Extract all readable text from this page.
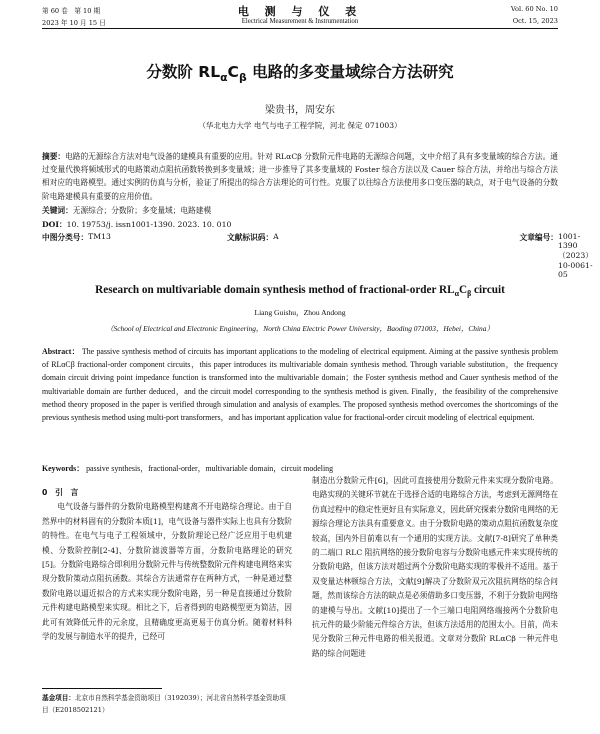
第 60 卷　第 10 期
2023 年 10 月 15 日
电 测 与 仪 表
Electrical Measurement & Instrumentation
Vol. 60 No. 10
Oct. 15, 2023
分数阶 $RL_\alpha C_\beta$ 电路的多变量域综合方法研究
梁贵书，周安东
（华北电力大学 电气与电子工程学院，河北 保定 071003）
摘要：电路的无源综合方法对电气设备的建模具有重要的应用。针对 RLαCβ 分数阶元件电路的无源综合问题，文中介绍了具有多变量域的综合方法。通过变量代换将频域形式的电路策动点阻抗函数转换到多变量域；进一步推导了其多变量域的 Foster 综合方法以及 Cauer 综合方法，并给出与综合方法相对应的电路模型。通过实例的仿真与分析，验证了所提出的综合方法理论的可行性。克服了以往综合方法使用多口变压器的缺点，对于电气设备的分数阶电路建模具有重要的应用价值。
关键词：无源综合；分数阶；多变量域；电路建模
DOI：10. 19753/j. issn1001-1390. 2023. 10. 010
中图分类号： TM13	文献标识码： A	文章编号： 1001-1390（2023）10-0061-05
Research on multivariable domain synthesis method of fractional-order $RL_\alpha C_\beta$ circuit
Liang Guishu，Zhou Andong
（School of Electrical and Electronic Engineering，North China Electric Power University，Baoding 071003，Hebei，China）
Abstract： The passive synthesis method of circuits has important applications to the modeling of electrical equipment. Aiming at the passive synthesis problem of RLαCβ fractional-order component circuits，this paper introduces its multivariable domain synthesis method. Through variable substitution，the frequency domain circuit driving point impedance function is transformed into the multivariable domain；the Foster synthesis method and Cauer synthesis method of the multivariable domain are further deduced，and the circuit model corresponding to the synthesis method is given. Finally，the feasibility of the comprehensive method theory proposed in the paper is verified through simulation and analysis of examples. The proposed synthesis method overcomes the shortcomings of the previous synthesis method using multi-port transformers，and has important application value for fractional-order circuit modeling of electrical equipment.
Keywords： passive synthesis，fractional-order，multivariable domain，circuit modeling
0　 引　言
电气设备与器件的分数阶电路模型构建离不开电路综合理论。由于自然界中的材料固有的分数阶本质[1]，电气设备与器件实际上也具有分数阶的特性。在电气与电子工程领域中，分数阶理论已经广泛应用于电机建模、分数阶控制[2-4]、分数阶滤波器等方面，分数阶电路理论的研究[5]。分数阶电路综合即利用分数阶元件与传统整数阶元件构建电网络来实现分数阶策动点阻抗函数。其综合方法通常存在两种方式，一种是通过整数阶电路以逼近拟合的方式来实现分数阶电路，另一种是直接通过分数阶元件构建电路模型来实现。相比之下，后者得到的电路模型更为简洁，因此可有效降低元件的元余度，且精确度更高更易于仿真分析。随着材料科学的发展与制造水平的提升，已经可
制造出分数阶元件[6]，因此可直接使用分数阶元件来实现分数阶电路。电路实现的关键环节就在于选择合适的电路综合方法，考虑到无源网络在仿真过程中的稳定性更好且有实际意义，因此研究探索分数阶电网络的无源综合理论方法具有重要意义。由于分数阶电路的策动点阻抗函数复杂度较高，国内外目前难以有一个通用的实现方法。文献[7-8]研究了单种类的二端口 RLC 阻抗网络的接分数阶电容与分数阶电感元件来实现传统的分数阶电路，但该方法对超过两个分数阶电路实现的零极并不适用。基于双变量达林顿综合方法，文献[9]解决了分数阶双元次阻抗网络的综合问题，然而该综合方法的缺点是必须借助多口变压器，不利于分数阶电网络的建模与导出。文献[10]提出了一个三端口电阻网络端接两个分数阶电抗元件的最少阶能元件综合方法，但该方法适用的范围太小。目前，尚未见分数阶三种元件电路的相关报道。文章对分数阶 RLαCβ 一种元件电路的综合问题进
基金项目：北京市自然科学基金资助项目（3192039）；河北省自然科学基金资助项目（E2018502121）
